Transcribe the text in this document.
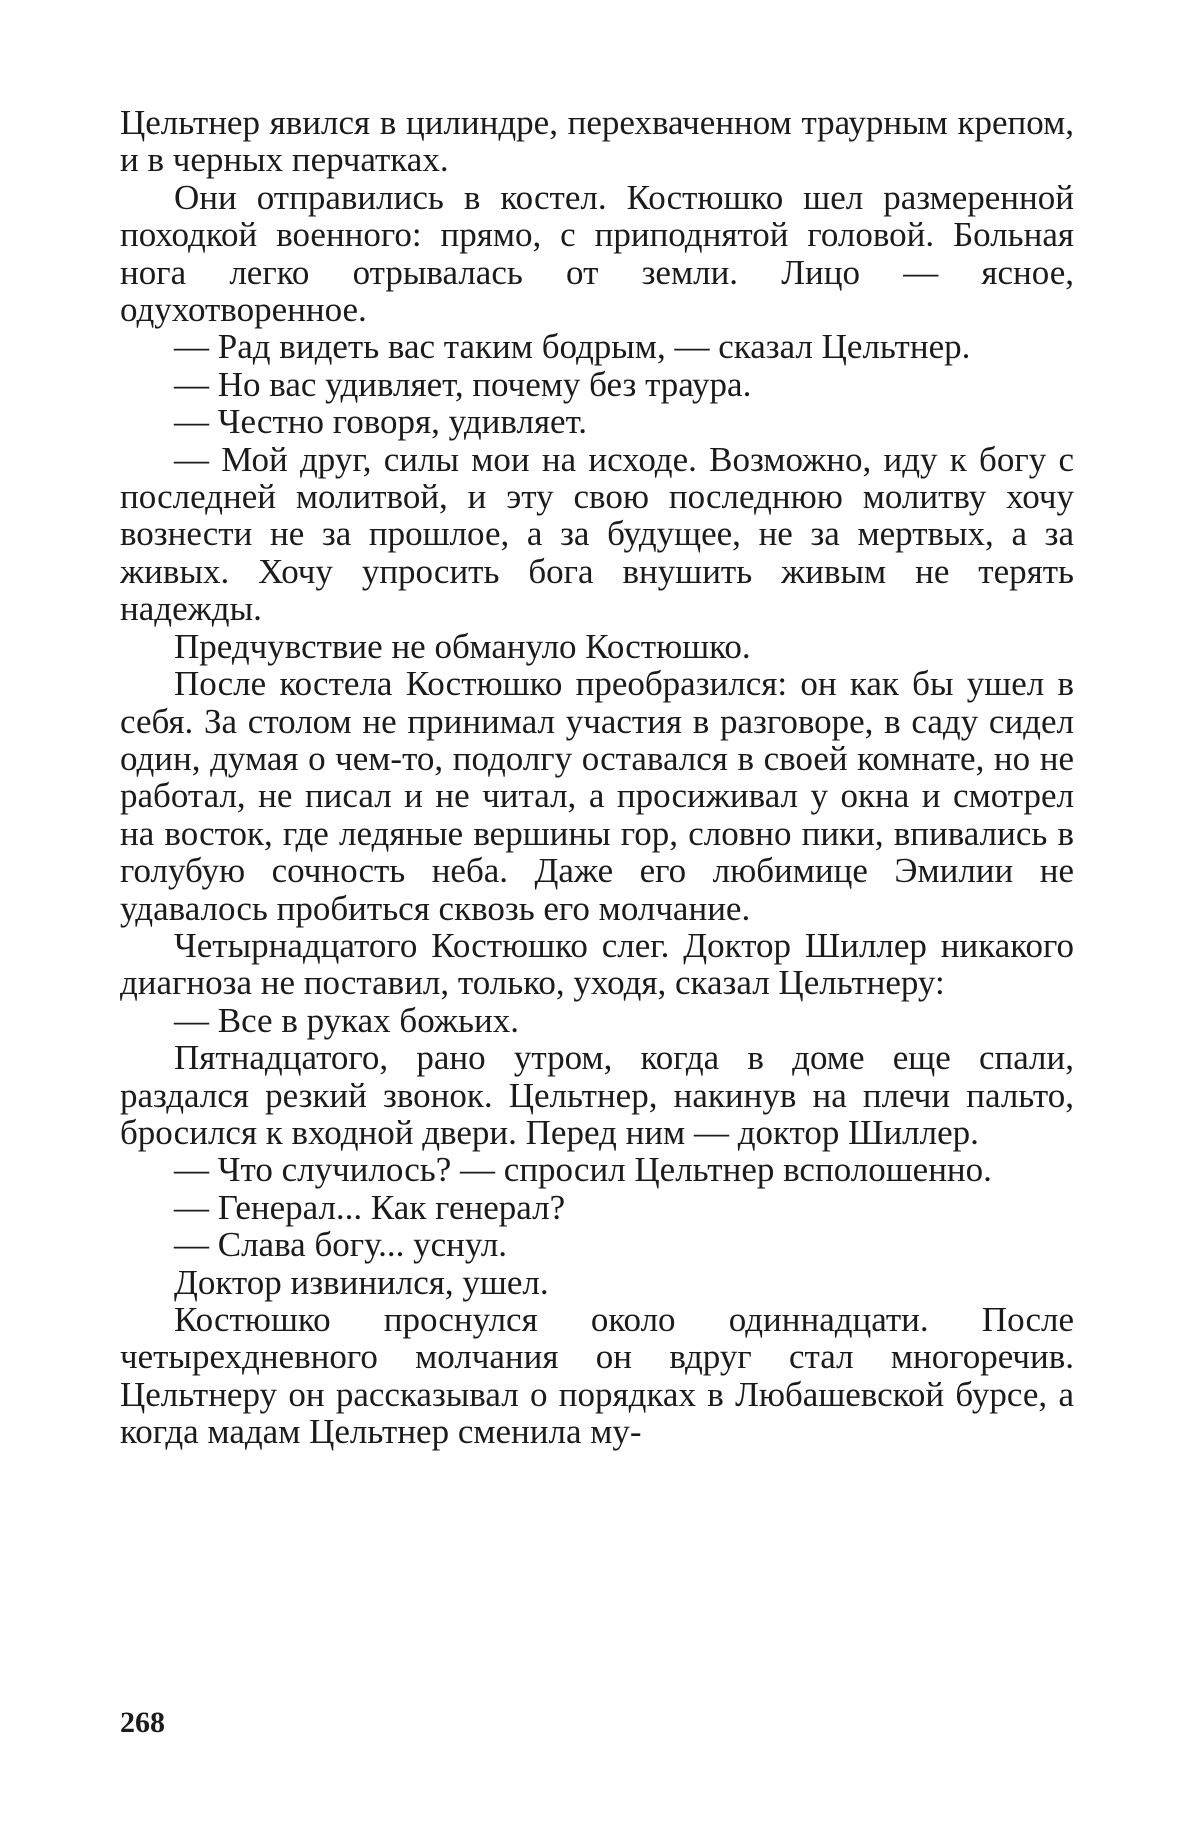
Цельтнер явился в цилиндре, перехваченном траурным крепом, и в черных перчатках.

Они отправились в костел. Костюшко шел размеренной походкой военного: прямо, с приподнятой головой. Больная нога легко отрывалась от земли. Лицо — ясное, одухотворенное.

— Рад видеть вас таким бодрым, — сказал Цельтнер.

— Но вас удивляет, почему без траура.

— Честно говоря, удивляет.

— Мой друг, силы мои на исходе. Возможно, иду к богу с последней молитвой, и эту свою последнюю молитву хочу вознести не за прошлое, а за будущее, не за мертвых, а за живых. Хочу упросить бога внушить живым не терять надежды.

Предчувствие не обмануло Костюшко.

После костела Костюшко преобразился: он как бы ушел в себя. За столом не принимал участия в разговоре, в саду сидел один, думая о чем-то, подолгу оставался в своей комнате, но не работал, не писал и не читал, а просиживал у окна и смотрел на восток, где ледяные вершины гор, словно пики, впивались в голубую сочность неба. Даже его любимице Эмилии не удавалось пробиться сквозь его молчание.

Четырнадцатого Костюшко слег. Доктор Шиллер никакого диагноза не поставил, только, уходя, сказал Цельтнеру:

— Все в руках божьих.

Пятнадцатого, рано утром, когда в доме еще спали, раздался резкий звонок. Цельтнер, накинув на плечи пальто, бросился к входной двери. Перед ним — доктор Шиллер.

— Что случилось? — спросил Цельтнер всполошенно.

— Генерал... Как генерал?

— Слава богу... уснул.

Доктор извинился, ушел.

Костюшко проснулся около одиннадцати. После четырехдневного молчания он вдруг стал многоречив. Цельтнеру он рассказывал о порядках в Любашевской бурсе, а когда мадам Цельтнер сменила му-

268
